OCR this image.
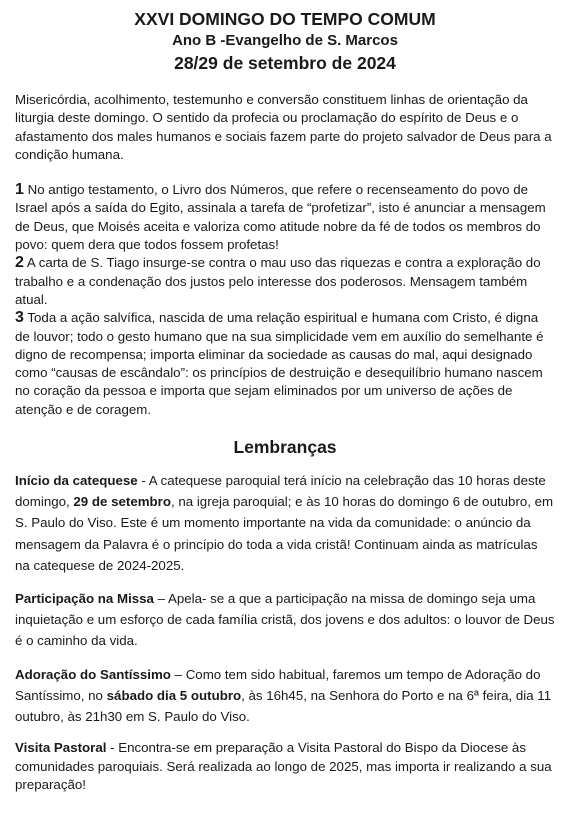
XXVI DOMINGO DO TEMPO COMUM
Ano B -Evangelho de S. Marcos
28/29 de setembro de 2024
Misericórdia, acolhimento, testemunho e conversão constituem linhas de orientação da liturgia deste domingo. O sentido da profecia ou proclamação do espírito de Deus e o afastamento dos males humanos e sociais fazem parte do projeto salvador de Deus para a condição humana.

1 No antigo testamento, o Livro dos Números, que refere o recenseamento do povo de Israel após a saída do Egito, assinala a tarefa de “profetizar”, isto é anunciar a mensagem de Deus, que Moisés aceita e valoriza como atitude nobre da fé de todos os membros do povo: quem dera que todos fossem profetas!

2 A carta de S. Tiago insurge-se contra o mau uso das riquezas e contra a exploração do trabalho e a condenação dos justos pelo interesse dos poderosos. Mensagem também atual.

3 Toda a ação salvífica, nascida de uma relação espiritual e humana com Cristo, é digna de louvor; todo o gesto humano que na sua simplicidade vem em auxílio do semelhante é digno de recompensa; importa eliminar da sociedade as causas do mal, aqui designado como “causas de escândalo”: os princípios de destruição e desequilíbrio humano nascem no coração da pessoa e importa que sejam eliminados por um universo de ações de atenção e de coragem.

Lembranças
Início da catequese - A catequese paroquial terá início na celebração das 10 horas deste domingo, 29 de setembro, na igreja paroquial; e às 10 horas do domingo 6 de outubro, em S. Paulo do Viso. Este é um momento importante na vida da comunidade: o anúncio da mensagem da Palavra é o princípio do toda a vida cristã! Continuam ainda as matrículas na catequese de 2024-2025.
Participação na Missa – Apela- se a que a participação na missa de domingo seja uma inquietação e um esforço de cada família cristã, dos jovens e dos adultos: o louvor de Deus é o caminho da vida.
Adoração do Santíssimo – Como tem sido habitual, faremos um tempo de Adoração do Santíssimo, no sábado dia 5 outubro, às 16h45, na Senhora do Porto e na 6ª feira, dia 11 outubro, às 21h30 em S. Paulo do Viso.
Visita Pastoral - Encontra-se em preparação a Visita Pastoral do Bispo da Diocese às comunidades paroquiais. Será realizada ao longo de 2025, mas importa ir realizando a sua preparação!
